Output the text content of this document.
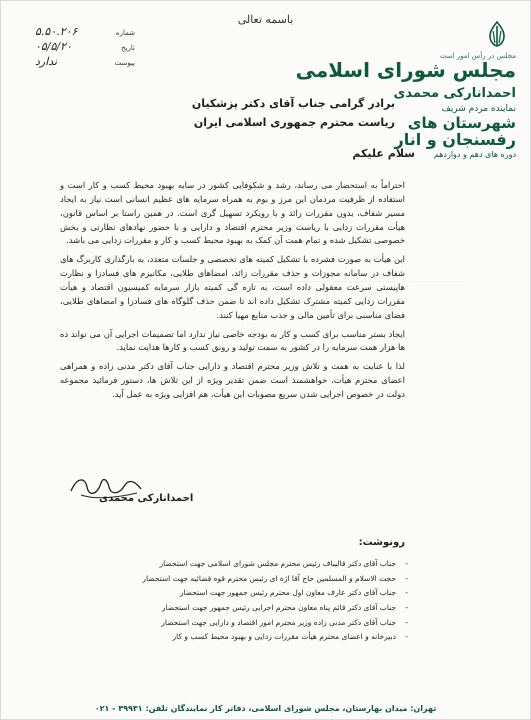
مجلس در رأس امور است
مجلس شورای اسلامی
احمدانارکی محمدی
نماینده مردم شریف
شهرستان های
رفسنجان و انار
دوره های دهم و دوازدهم
باسمه تعالی
شماره
۵.۵۰.۲۰۶
تاریخ
۰۵/۵/۲۰
پیوست
ندارد
برادر گرامی جناب آقای دکتر پزشکیان
ریاست محترم جمهوری اسلامی ایران
سلام علیکم

احتراماً به استحضار می رساند، رشد و شکوفایی کشور در سایه بهبود محیط کسب و کار است و استفاده از ظرفیت مردمان این مرز و بوم به همراه سرمایه های عظیم انسانی است نیاز به ایجاد مسیر شفاف، بدون مقررات زائد و با رویکرد تسهیل گری است. در همین راستا بر اساس قانون، هیأت مقررات زدایی با ریاست وزیر محترم اقتصاد و دارایی و با حضور نهادهای نظارتی و بخش خصوصی تشکیل شده و تمام همت آن کمک به بهبود محیط کسب و کار و مقررات زدایی می باشد.

این هیأت به صورت فشرده با تشکیل کمیته های تخصصی و جلسات متعدد، به بارگذاری کاربرگ های شفاف در سامانه مجوزات و حذف مقررات زائد، امضاهای طلایی، مکانیزم های فسادزا و نظارت هاپیستی سرعت معقولی داده است، به تازه گی کمیته بازار سرمایه کمیسیون اقتصاد و هیأت مقررات زدایی کمیته مشترک تشکیل داده اند تا ضمن حذف گلوگاه های فسادزا و امضاهای طلایی، فضای مناسبی برای تأمین مالی و جذب منابع مهیا کنند.

ایجاد بستر مناسب برای کسب و کار به بودجه خاصی نیاز ندارد اما تصمیمات اجرایی آن می تواند ده ها هزار همت سرمایه را در کشور به سمت تولید و رونق کسب و کارها هدایت نماید.

لذا با عنایت به همت و تلاش وزیر محترم اقتصاد و دارایی جناب آقای دکتر مدنی زاده و همراهی اعضای محترم هیأت، خواهشمند است ضمن تقدیر ویژه از این تلاش ها، دستور فرمائید مجموعه دولت در خصوص اجرایی شدن سریع مصوبات این هیأت، هم افزایی ویژه به عمل آید.

احمدانارکی محمدی
رونوشت:
- جناب آقای دکتر قالیباف رئیس محترم مجلس شورای اسلامی جهت استحضار
- حجت الاسلام و المسلمین حاج آقا اژه ای رئیس محترم قوه قضائیه جهت استحضار
- جناب آقای دکتر عارف معاون اول محترم رئیس جمهور جهت استحضار
- جناب آقای دکتر قائم پناه معاون محترم اجرایی رئیس جمهور جهت استحضار
- جناب آقای دکتر مدنی زاده وزیر محترم امور اقتصاد و دارایی جهت استحضار
- دبیرخانه و اعضای محترم هیأت مقررات زدایی و بهبود محیط کسب و کار
تهران: میدان بهارستان، مجلس شورای اسلامی، دفاتر کار نمایندگان تلفن: ۳۹۹۳۱ - ۰۲۱
